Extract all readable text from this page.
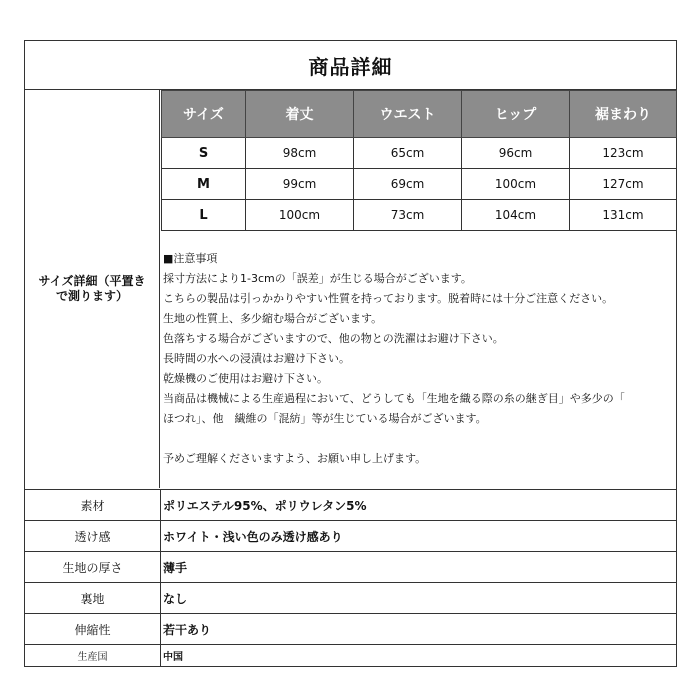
商品詳細
サイズ詳細（平置きで測ります）
サイズ	着丈	ウエスト	ヒップ	裾まわり
S	98cm	65cm	96cm	123cm
M	99cm	69cm	100cm	127cm
L	100cm	73cm	104cm	131cm
■注意事項
採寸方法により1-3cmの「誤差」が生じる場合がございます。
こちらの製品は引っかかりやすい性質を持っております。脱着時には十分ご注意ください。
生地の性質上、多少縮む場合がございます。
色落ちする場合がございますので、他の物との洗濯はお避け下さい。
長時間の水への浸漬はお避け下さい。
乾燥機のご使用はお避け下さい。
当商品は機械による生産過程において、どうしても「生地を織る際の糸の継ぎ目」や多少の「
ほつれ」、他　繊維の「混紡」等が生じている場合がございます。
予めご理解くださいますよう、お願い申し上げます。
素材	ポリエステル95%、ポリウレタン5%
透け感	ホワイト・浅い色のみ透け感あり
生地の厚さ	薄手
裏地	なし
伸縮性	若干あり
生産国	中国
